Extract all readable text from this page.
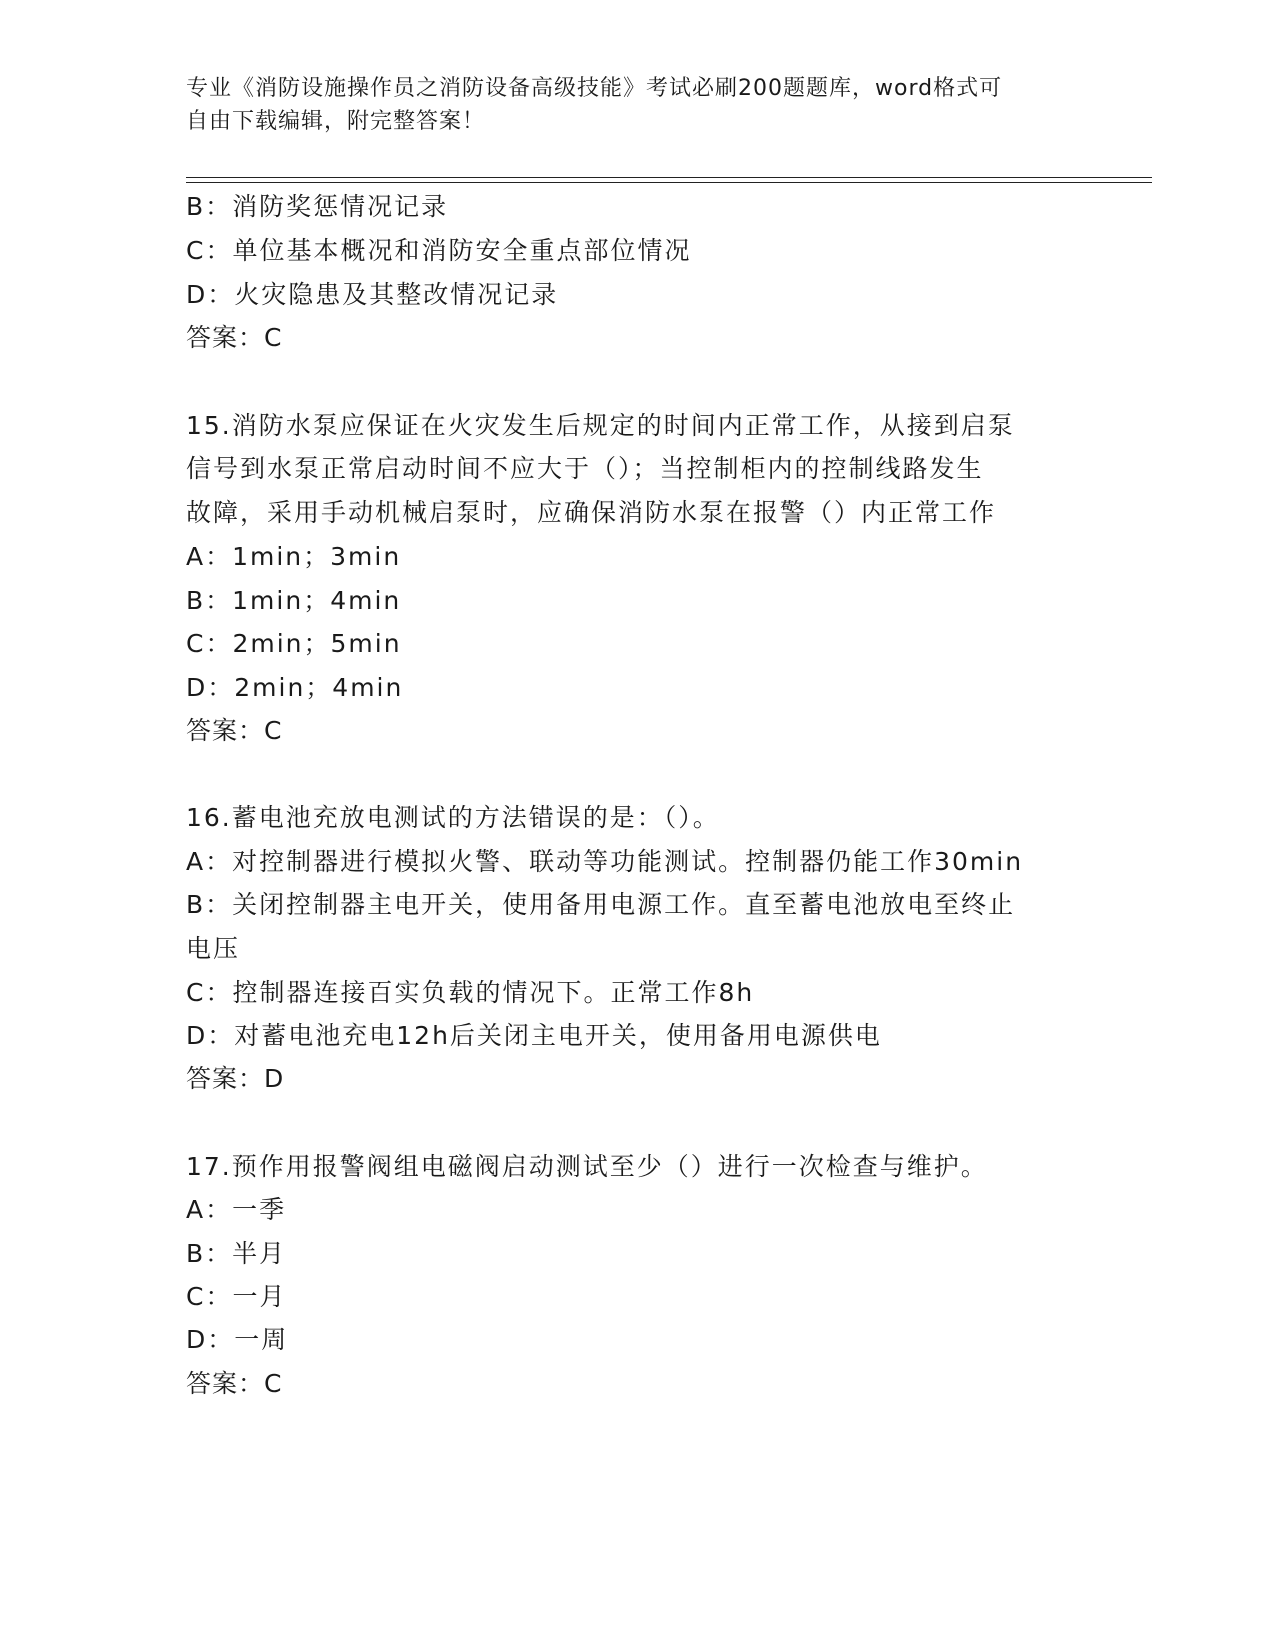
专业《消防设施操作员之消防设备高级技能》考试必刷200题题库，word格式可
自由下载编辑，附完整答案！
B：消防奖惩情况记录
C：单位基本概况和消防安全重点部位情况
D：火灾隐患及其整改情况记录
答案：C
15.消防水泵应保证在火灾发生后规定的时间内正常工作，从接到启泵
信号到水泵正常启动时间不应大于（）；当控制柜内的控制线路发生
故障，采用手动机械启泵时，应确保消防水泵在报警（）内正常工作
A：1min；3min
B：1min；4min
C：2min；5min
D：2min；4min
答案：C
16.蓄电池充放电测试的方法错误的是：（）。
A：对控制器进行模拟火警、联动等功能测试。控制器仍能工作30min
B：关闭控制器主电开关，使用备用电源工作。直至蓄电池放电至终止
电压
C：控制器连接百实负载的情况下。正常工作8h
D：对蓄电池充电12h后关闭主电开关，使用备用电源供电
答案：D
17.预作用报警阀组电磁阀启动测试至少（）进行一次检查与维护。
A：一季
B：半月
C：一月
D：一周
答案：C
